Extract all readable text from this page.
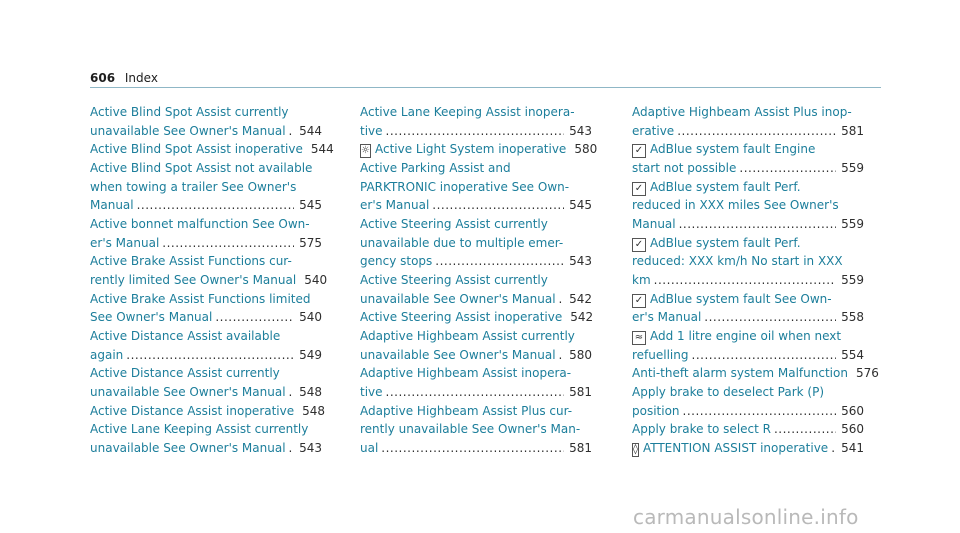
606 Index
Active Blind Spot Assist currently
unavailable See Owner's Manual ..... 544
Active Blind Spot Assist inoperative 544
Active Blind Spot Assist not available
when towing a trailer See Owner's
Manual .....	545
Active bonnet malfunction See Own-
er's Manual .....	575
Active Brake Assist Functions cur-
rently limited See Owner's Manual 540
Active Brake Assist Functions limited
See Owner's Manual .....	540
Active Distance Assist available
again .....	549
Active Distance Assist currently
unavailable See Owner's Manual ..... 548
Active Distance Assist inoperative 548
Active Lane Keeping Assist currently
unavailable See Owner's Manual ..... 543
Active Lane Keeping Assist inopera-
tive .....	543
☼ Active Light System inoperative 580
Active Parking Assist and
PARKTRONIC inoperative See Own-
er's Manual .....	545
Active Steering Assist currently
unavailable due to multiple emer-
gency stops .....	543
Active Steering Assist currently
unavailable See Owner's Manual ..... 542
Active Steering Assist inoperative 542
Adaptive Highbeam Assist currently
unavailable See Owner's Manual ..... 580
Adaptive Highbeam Assist inopera-
tive .....	581
Adaptive Highbeam Assist Plus cur-
rently unavailable See Owner's Man-
ual .....	581
Adaptive Highbeam Assist Plus inop-
erative .....	581
✓ AdBlue system fault Engine
start not possible .....	559
✓ AdBlue system fault Perf.
reduced in XXX miles See Owner's
Manual .....	559
✓ AdBlue system fault Perf.
reduced: XXX km/h No start in XXX
km .....	559
✓ AdBlue system fault See Own-
er's Manual .....	558
≈ Add 1 litre engine oil when next
refuelling .....	554
Anti-theft alarm system Malfunction 576
Apply brake to deselect Park (P)
position .....	560
Apply brake to select R .....	560
◊ ATTENTION ASSIST inoperative ..... 541
carmanualsonline.info
